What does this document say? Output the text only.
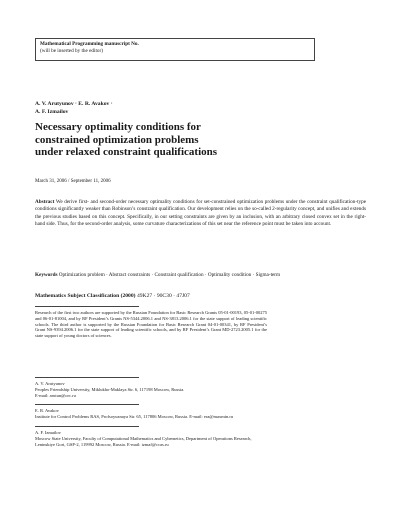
Mathematical Programming manuscript No.
(will be inserted by the editor)
A. V. Arutyunov · E. R. Avakov ·
A. F. Izmailov
Necessary optimality conditions for
constrained optimization problems
under relaxed constraint qualifications
March 31, 2006 / September 11, 2006
Abstract We derive first- and second-order necessary optimality conditions for set-constrained optimization problems under the constraint qualification-type conditions significantly weaker than Robinson’s constraint qualification. Our development relies on the so-called 2-regularity concept, and unifies and extends the previous studies based on this concept. Specifically, in our setting constraints are given by an inclusion, with an arbitrary closed convex set in the right-hand side. Thus, for the second-order analysis, some curvature characterizations of this set near the reference point must be taken into account.
Keywords Optimization problem · Abstract constraints · Constraint qualification · Optimality condition · Sigma-term
Mathematics Subject Classification (2000) 49K27 · 90C30 · 47J07
Research of the first two authors are supported by the Russian Foundation for Basic Research Grants 05-01-00193, 05-01-00275 and 06-01-81004, and by RF President’s Grants NS-5344.2006.1 and NS-3813.2006.1 for the state support of leading scientific schools. The third author is supported by the Russian Foundation for Basic Research Grant 04-01-00341, by RF President’s Grant NS-9394.2006.1 for the state support of leading scientific schools, and by RF President’s Grant MD-2723.2005.1 for the state support of young doctors of sciences.
A. V. Arutyunov
Peoples Friendship University, Miklukho-Maklaya Str. 6, 117198 Moscow, Russia.
E-mail: arutun@orc.ru
E. R. Avakov
Institute for Control Problems RAS, Profsoyuznaya Str. 65, 117806 Moscow, Russia. E-mail: era@maxmin.ru
A. F. Izmailov
Moscow State University, Faculty of Computational Mathematics and Cybernetics, Department of Operations Research, Leninskiye Gori, GSP-2, 119992 Moscow, Russia. E-mail: izmaf@ccas.ru
